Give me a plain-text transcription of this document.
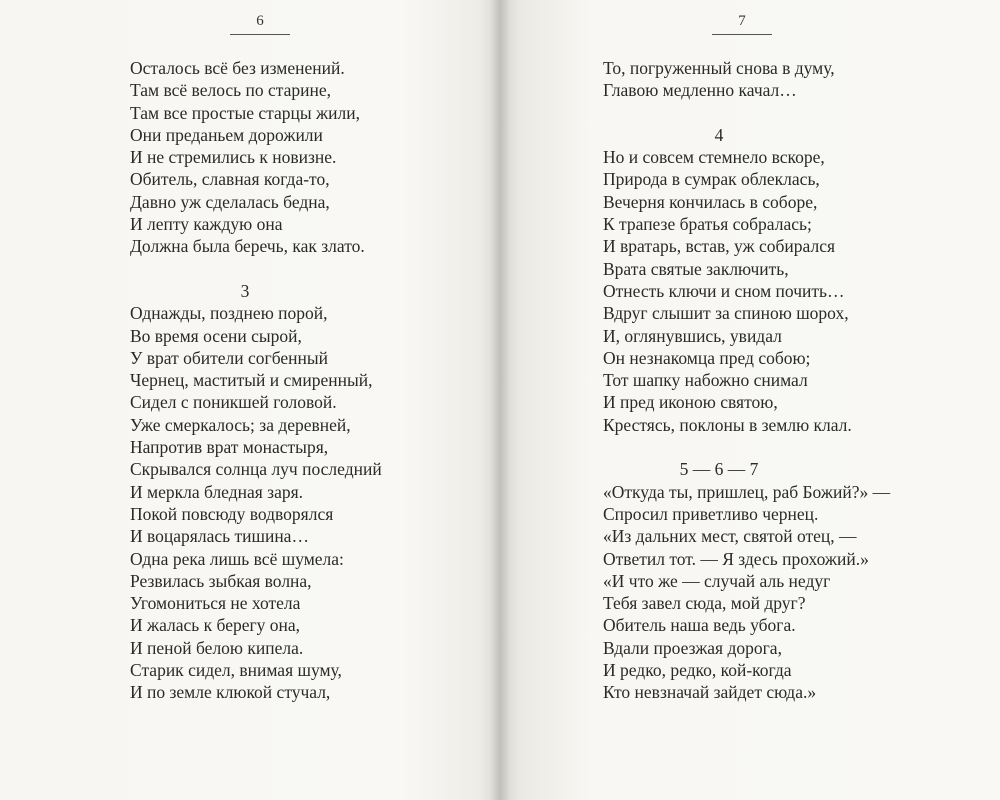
6
Осталось всё без изменений.
Там всё велось по старине,
Там все простые старцы жили,
Они преданьем дорожили
И не стремились к новизне.
Обитель, славная когда-то,
Давно уж сделалась бедна,
И лепту каждую она
Должна была беречь, как злато.
3
Однажды, позднею порой,
Во время осени сырой,
У врат обители согбенный
Чернец, маститый и смиренный,
Сидел с поникшей головой.
Уже смеркалось; за деревней,
Напротив врат монастыря,
Скрывался солнца луч последний
И меркла бледная заря.
Покой повсюду водворялся
И воцарялась тишина…
Одна река лишь всё шумела:
Резвилась зыбкая волна,
Угомониться не хотела
И жалась к берегу она,
И пеной белою кипела.
Старик сидел, внимая шуму,
И по земле клюкой стучал,
7
То, погруженный снова в думу,
Главою медленно качал…
4
Но и совсем стемнело вскоре,
Природа в сумрак облеклась,
Вечерня кончилась в соборе,
К трапезе братья собралась;
И вратарь, встав, уж собирался
Врата святые заключить,
Отнесть ключи и сном почить…
Вдруг слышит за спиною шорох,
И, оглянувшись, увидал
Он незнакомца пред собою;
Тот шапку набожно снимал
И пред иконою святою,
Крестясь, поклоны в землю клал.
5 — 6 — 7
«Откуда ты, пришлец, раб Божий?» —
Спросил приветливо чернец.
«Из дальних мест, святой отец, —
Ответил тот. — Я здесь прохожий.»
«И что же — случай аль недуг
Тебя завел сюда, мой друг?
Обитель наша ведь убога.
Вдали проезжая дорога,
И редко, редко, кой-когда
Кто невзначай зайдет сюда.»
